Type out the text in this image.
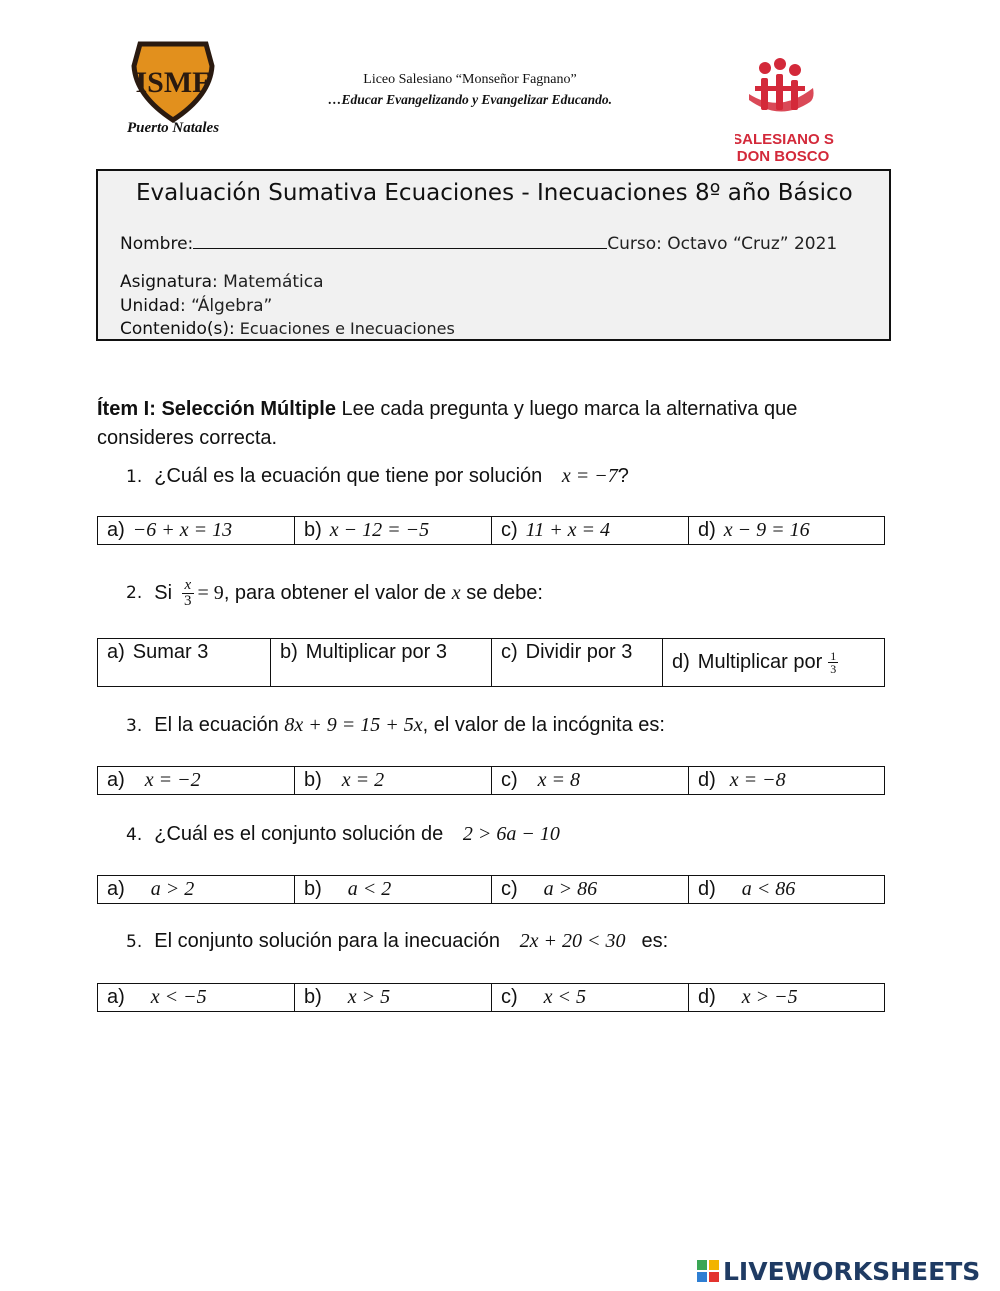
ISMF
Puerto Natales
Liceo Salesiano “Monseñor Fagnano”
…Educar Evangelizando y Evangelizar Educando.
SALESIANO S
DON BOSCO
Evaluación Sumativa Ecuaciones - Inecuaciones 8º año Básico
Nombre:	Curso: Octavo “Cruz” 2021
Asignatura: Matemática
Unidad: “Álgebra”
Contenido(s): Ecuaciones e Inecuaciones
Ítem I: Selección Múltiple Lee cada pregunta y luego marca la alternativa que consideres correcta.
1. ¿Cuál es la ecuación que tiene por solución x = −7?
a) −6 + x = 13	b) x − 12 = −5	c) 11 + x = 4	d) x − 9 = 16
2. Si $\frac{x}{3} = 9$ , para obtener el valor de
x
se debe:
a) Sumar 3	b) Multiplicar por 3	c) Dividir por 3	d) Multiplicar por $\frac{1}{3}$
3. El la ecuación 8x + 9 = 15 + 5x, el valor de la incógnita es:
a) x = −2	b) x = 2	c) x = 8	d) x = −8
4. ¿Cuál es el conjunto solución de 2 > 6a − 10
a) a > 2	b) a < 2	c) a > 86	d) a < 86
5. El conjunto solución para la inecuación 2x + 20 < 30 es:
a) x < −5	b) x > 5	c) x < 5	d) x > −5
LIVEWORKSHEETS
